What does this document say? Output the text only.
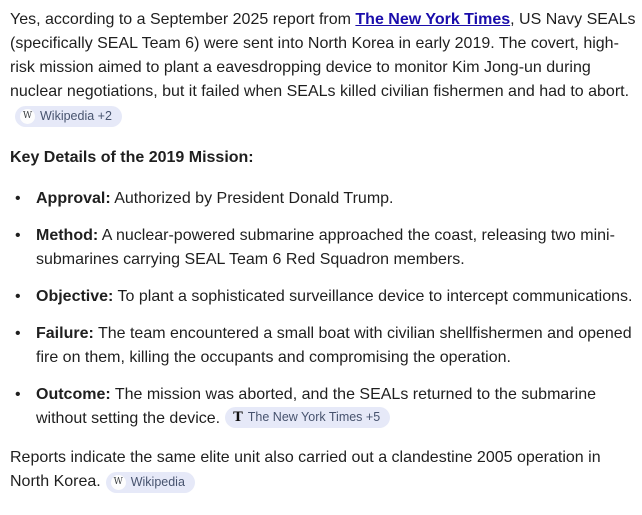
Yes, according to a September 2025 report from The New York Times, US Navy SEALs (specifically SEAL Team 6) were sent into North Korea in early 2019. The covert, high-risk mission aimed to plant a eavesdropping device to monitor Kim Jong-un during nuclear negotiations, but it failed when SEALs killed civilian fishermen and had to abort.
W Wikipedia +2

Key Details of the 2019 Mission:
• Approval: Authorized by President Donald Trump.
• Method: A nuclear-powered submarine approached the coast, releasing two mini-submarines carrying SEAL Team 6 Red Squadron members.
• Objective: To plant a sophisticated surveillance device to intercept communications.
• Failure: The team encountered a small boat with civilian shellfishermen and opened fire on them, killing the occupants and compromising the operation.
• Outcome: The mission was aborted, and the SEALs returned to the submarine without setting the device. T The New York Times +5

Reports indicate the same elite unit also carried out a clandestine 2005 operation in North Korea.	W Wikipedia
